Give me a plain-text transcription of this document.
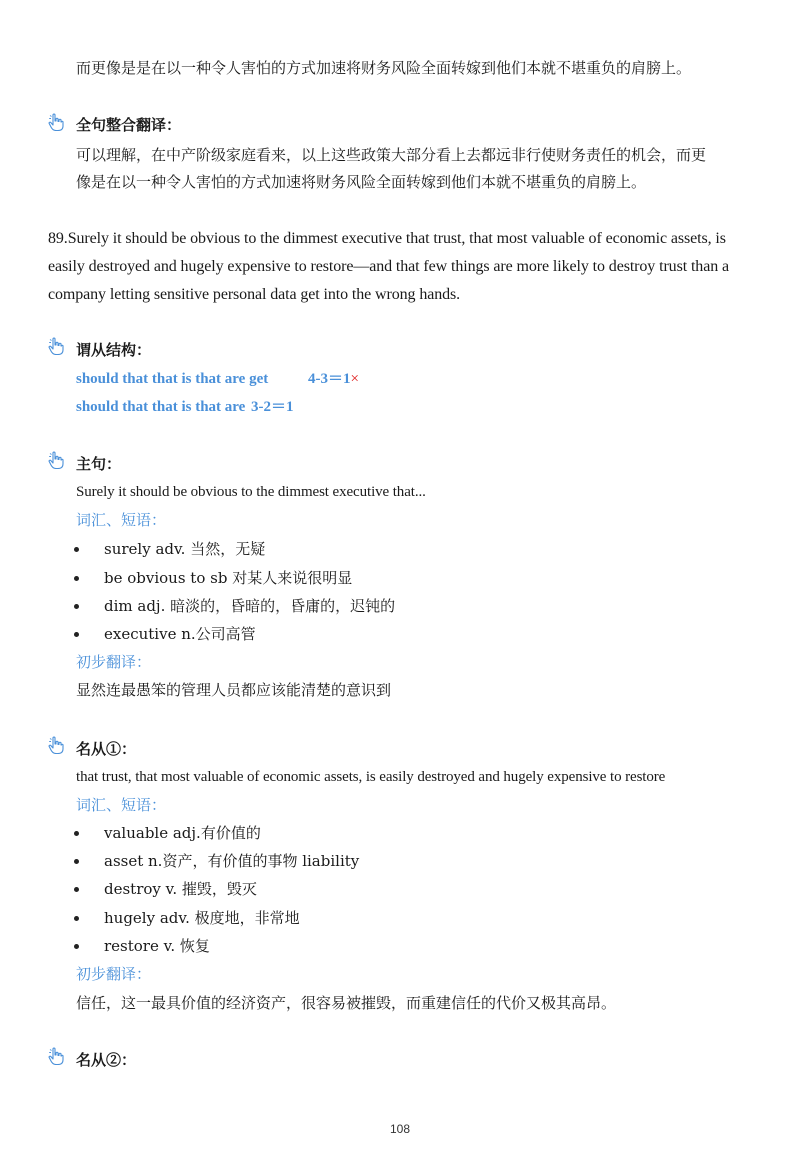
而更像是是在以一种令人害怕的方式加速将财务风险全面转嫁到他们本就不堪重负的肩膀上。
全句整合翻译：
可以理解，在中产阶级家庭看来，以上这些政策大部分看上去都远非行使财务责任的机会，而更
像是在以一种令人害怕的方式加速将财务风险全面转嫁到他们本就不堪重负的肩膀上。
89.Surely it should be obvious to the dimmest executive that trust, that most valuable of economic assets, is
easily destroyed and hugely expensive to restore—and that few things are more likely to destroy trust than a
company letting sensitive personal data get into the wrong hands.
谓从结构：
should that that is that are get	4-3＝1×
should that that is that are 3-2＝1
主句：
Surely it should be obvious to the dimmest executive that...
词汇、短语：
surely adv. 当然，无疑
be obvious to sb 对某人来说很明显
dim adj. 暗淡的，昏暗的，昏庸的，迟钝的
executive n.公司高管
初步翻译：
显然连最愚笨的管理人员都应该能清楚的意识到
名从①：
that trust, that most valuable of economic assets, is easily destroyed and hugely expensive to restore
词汇、短语：
valuable adj.有价值的
asset n.资产，有价值的事物 liability
destroy v. 摧毁，毁灭
hugely adv. 极度地，非常地
restore v. 恢复
初步翻译：
信任，这一最具价值的经济资产，很容易被摧毁，而重建信任的代价又极其高昂。
名从②：
108
